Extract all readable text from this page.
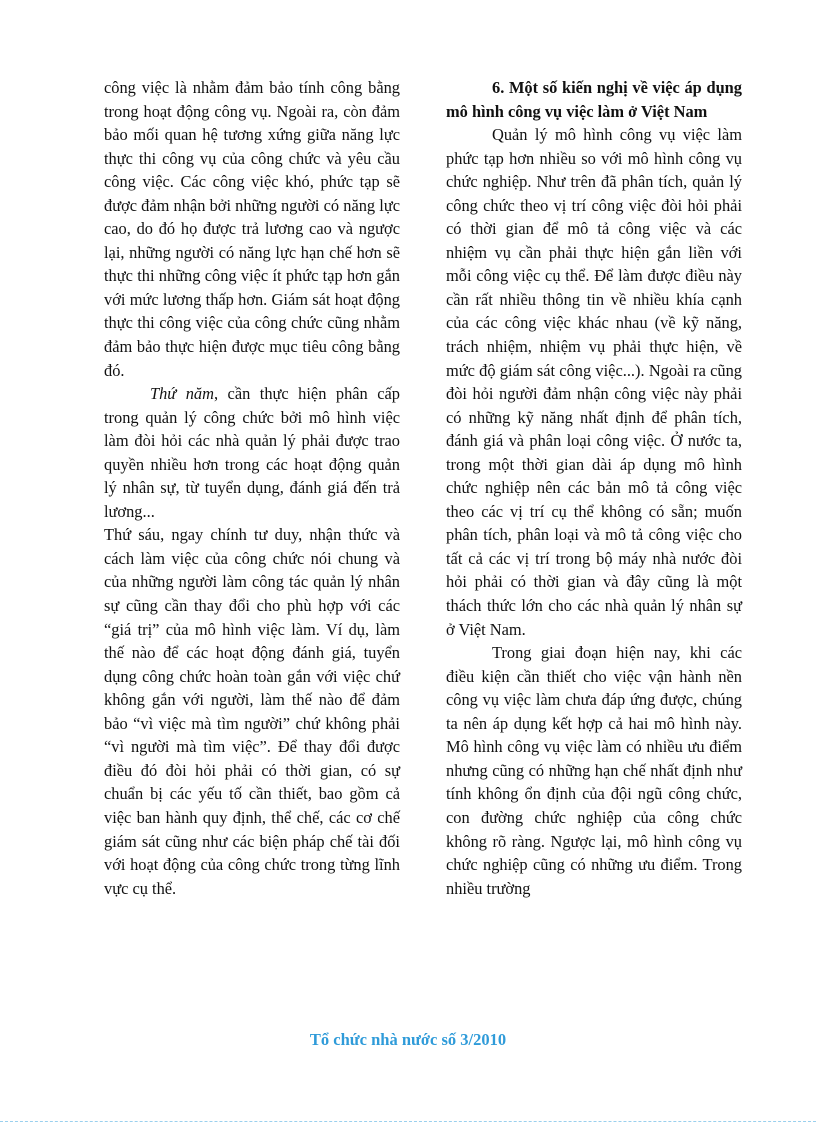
công việc là nhằm đảm bảo tính công bằng trong hoạt động công vụ. Ngoài ra, còn đảm bảo mối quan hệ tương xứng giữa năng lực thực thi công vụ của công chức và yêu cầu công việc. Các công việc khó, phức tạp sẽ được đảm nhận bởi những người có năng lực cao, do đó họ được trả lương cao và ngược lại, những người có năng lực hạn chế hơn sẽ thực thi những công việc ít phức tạp hơn gắn với mức lương thấp hơn. Giám sát hoạt động thực thi công việc của công chức cũng nhằm đảm bảo thực hiện được mục tiêu công bằng đó.

Thứ năm, cần thực hiện phân cấp trong quản lý công chức bởi mô hình việc làm đòi hỏi các nhà quản lý phải được trao quyền nhiều hơn trong các hoạt động quản lý nhân sự, từ tuyển dụng, đánh giá đến trả lương...

Thứ sáu, ngay chính tư duy, nhận thức và cách làm việc của công chức nói chung và của những người làm công tác quản lý nhân sự cũng cần thay đổi cho phù hợp với các “giá trị” của mô hình việc làm. Ví dụ, làm thế nào để các hoạt động đánh giá, tuyển dụng công chức hoàn toàn gắn với việc chứ không gắn với người, làm thế nào để đảm bảo “vì việc mà tìm người” chứ không phải “vì người mà tìm việc”. Để thay đổi được điều đó đòi hỏi phải có thời gian, có sự chuẩn bị các yếu tố cần thiết, bao gồm cả việc ban hành quy định, thể chế, các cơ chế giám sát cũng như các biện pháp chế tài đối với hoạt động của công chức trong từng lĩnh vực cụ thể.

6. Một số kiến nghị về việc áp dụng mô hình công vụ việc làm ở Việt Nam

Quản lý mô hình công vụ việc làm phức tạp hơn nhiều so với mô hình công vụ chức nghiệp. Như trên đã phân tích, quản lý công chức theo vị trí công việc đòi hỏi phải có thời gian để mô tả công việc và các nhiệm vụ cần phải thực hiện gắn liền với mỗi công việc cụ thể. Để làm được điều này cần rất nhiều thông tin về nhiều khía cạnh của các công việc khác nhau (về kỹ năng, trách nhiệm, nhiệm vụ phải thực hiện, về mức độ giám sát công việc...). Ngoài ra cũng đòi hỏi người đảm nhận công việc này phải có những kỹ năng nhất định để phân tích, đánh giá và phân loại công việc. Ở nước ta, trong một thời gian dài áp dụng mô hình chức nghiệp nên các bản mô tả công việc theo các vị trí cụ thể không có sẵn; muốn phân tích, phân loại và mô tả công việc cho tất cả các vị trí trong bộ máy nhà nước đòi hỏi phải có thời gian và đây cũng là một thách thức lớn cho các nhà quản lý nhân sự ở Việt Nam.

Trong giai đoạn hiện nay, khi các điều kiện cần thiết cho việc vận hành nền công vụ việc làm chưa đáp ứng được, chúng ta nên áp dụng kết hợp cả hai mô hình này. Mô hình công vụ việc làm có nhiều ưu điểm nhưng cũng có những hạn chế nhất định như tính không ổn định của đội ngũ công chức, con đường chức nghiệp của công chức không rõ ràng. Ngược lại, mô hình công vụ chức nghiệp cũng có những ưu điểm. Trong nhiều trường

Tổ chức nhà nước số 3/2010
